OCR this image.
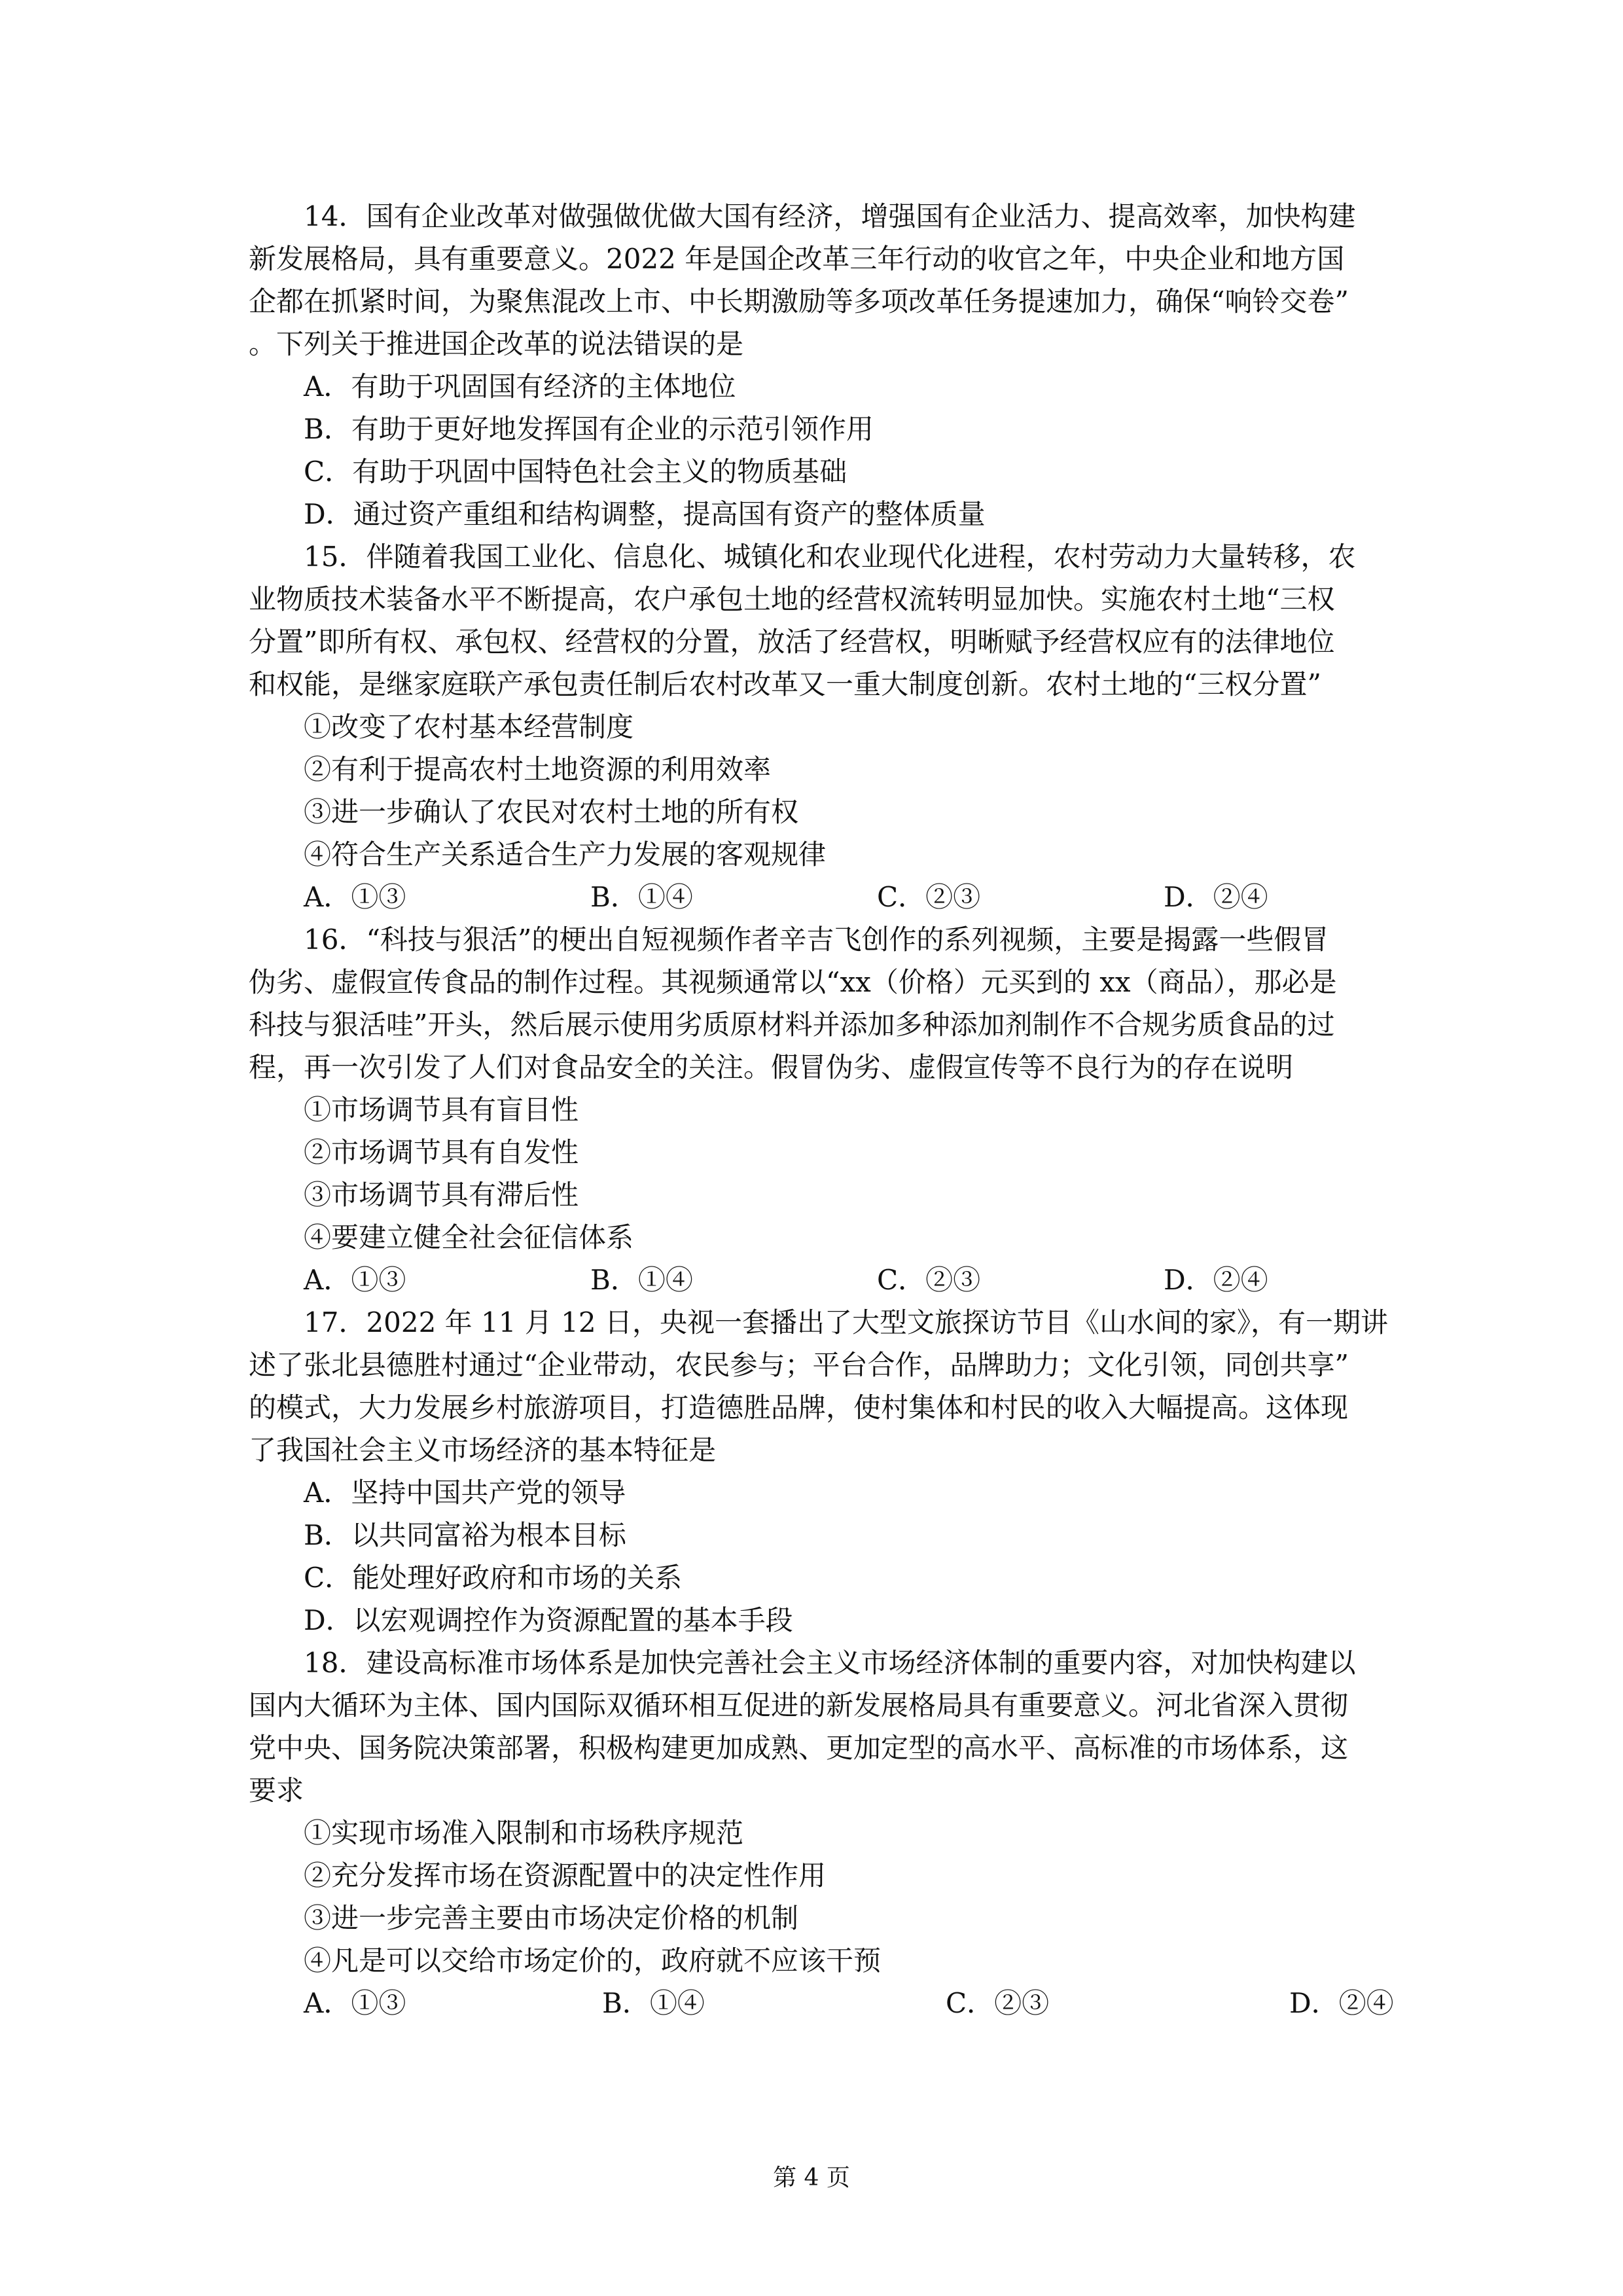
14．国有企业改革对做强做优做大国有经济，增强国有企业活力、提高效率，加快构建
新发展格局，具有重要意义。2022 年是国企改革三年行动的收官之年，中央企业和地方国
企都在抓紧时间，为聚焦混改上市、中长期激励等多项改革任务提速加力，确保“响铃交卷”
。下列关于推进国企改革的说法错误的是
A．有助于巩固国有经济的主体地位
B．有助于更好地发挥国有企业的示范引领作用
C．有助于巩固中国特色社会主义的物质基础
D．通过资产重组和结构调整，提高国有资产的整体质量
15．伴随着我国工业化、信息化、城镇化和农业现代化进程，农村劳动力大量转移，农
业物质技术装备水平不断提高，农户承包土地的经营权流转明显加快。实施农村土地“三权
分置”即所有权、承包权、经营权的分置，放活了经营权，明晰赋予经营权应有的法律地位
和权能，是继家庭联产承包责任制后农村改革又一重大制度创新。农村土地的“三权分置”
①改变了农村基本经营制度
②有利于提高农村土地资源的利用效率
③进一步确认了农民对农村土地的所有权
④符合生产关系适合生产力发展的客观规律
A．①③	B．①④	C．②③	D．②④
16．“科技与狠活”的梗出自短视频作者辛吉飞创作的系列视频，主要是揭露一些假冒
伪劣、虚假宣传食品的制作过程。其视频通常以“xx（价格）元买到的 xx（商品），那必是
科技与狠活哇”开头，然后展示使用劣质原材料并添加多种添加剂制作不合规劣质食品的过
程，再一次引发了人们对食品安全的关注。假冒伪劣、虚假宣传等不良行为的存在说明
①市场调节具有盲目性
②市场调节具有自发性
③市场调节具有滞后性
④要建立健全社会征信体系
A．①③	B．①④	C．②③	D．②④
17．2022 年 11 月 12 日，央视一套播出了大型文旅探访节目《山水间的家》，有一期讲
述了张北县德胜村通过“企业带动，农民参与；平台合作，品牌助力；文化引领，同创共享”
的模式，大力发展乡村旅游项目，打造德胜品牌，使村集体和村民的收入大幅提高。这体现
了我国社会主义市场经济的基本特征是
A．坚持中国共产党的领导
B．以共同富裕为根本目标
C．能处理好政府和市场的关系
D．以宏观调控作为资源配置的基本手段
18．建设高标准市场体系是加快完善社会主义市场经济体制的重要内容，对加快构建以
国内大循环为主体、国内国际双循环相互促进的新发展格局具有重要意义。河北省深入贯彻
党中央、国务院决策部署，积极构建更加成熟、更加定型的高水平、高标准的市场体系，这
要求
①实现市场准入限制和市场秩序规范
②充分发挥市场在资源配置中的决定性作用
③进一步完善主要由市场决定价格的机制
④凡是可以交给市场定价的，政府就不应该干预
A．①③	B．①④	C．②③	D．②④
第 4 页
